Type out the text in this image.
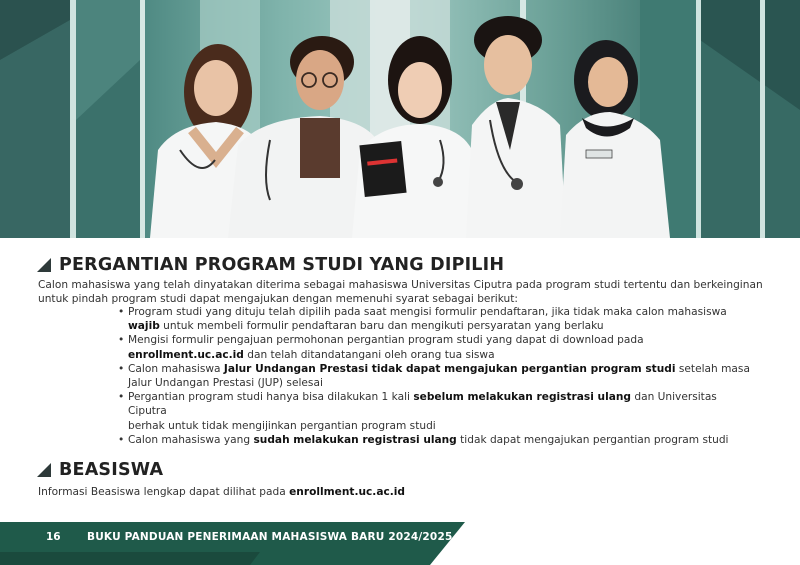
PERGANTIAN PROGRAM STUDI YANG DIPILIH
Calon mahasiswa yang telah dinyatakan diterima sebagai mahasiswa Universitas Ciputra pada program studi tertentu dan berkeinginan
untuk pindah program studi dapat mengajukan dengan memenuhi syarat sebagai berikut:
• Program studi yang dituju telah dipilih pada saat mengisi formulir pendaftaran, jika tidak maka calon mahasiswa
wajib untuk membeli formulir pendaftaran baru dan mengikuti persyaratan yang berlaku
• Mengisi formulir pengajuan permohonan pergantian program studi yang dapat di download pada
enrollment.uc.ac.id dan telah ditandatangani oleh orang tua siswa
• Calon mahasiswa Jalur Undangan Prestasi tidak dapat mengajukan pergantian program studi setelah masa
Jalur Undangan Prestasi (JUP) selesai
• Pergantian program studi hanya bisa dilakukan 1 kali sebelum melakukan registrasi ulang dan Universitas Ciputra
berhak untuk tidak mengijinkan pergantian program studi
• Calon mahasiswa yang sudah melakukan registrasi ulang tidak dapat mengajukan pergantian program studi
BEASISWA
Informasi Beasiswa lengkap dapat dilihat pada enrollment.uc.ac.id
16	BUKU PANDUAN PENERIMAAN MAHASISWA BARU 2024/2025
